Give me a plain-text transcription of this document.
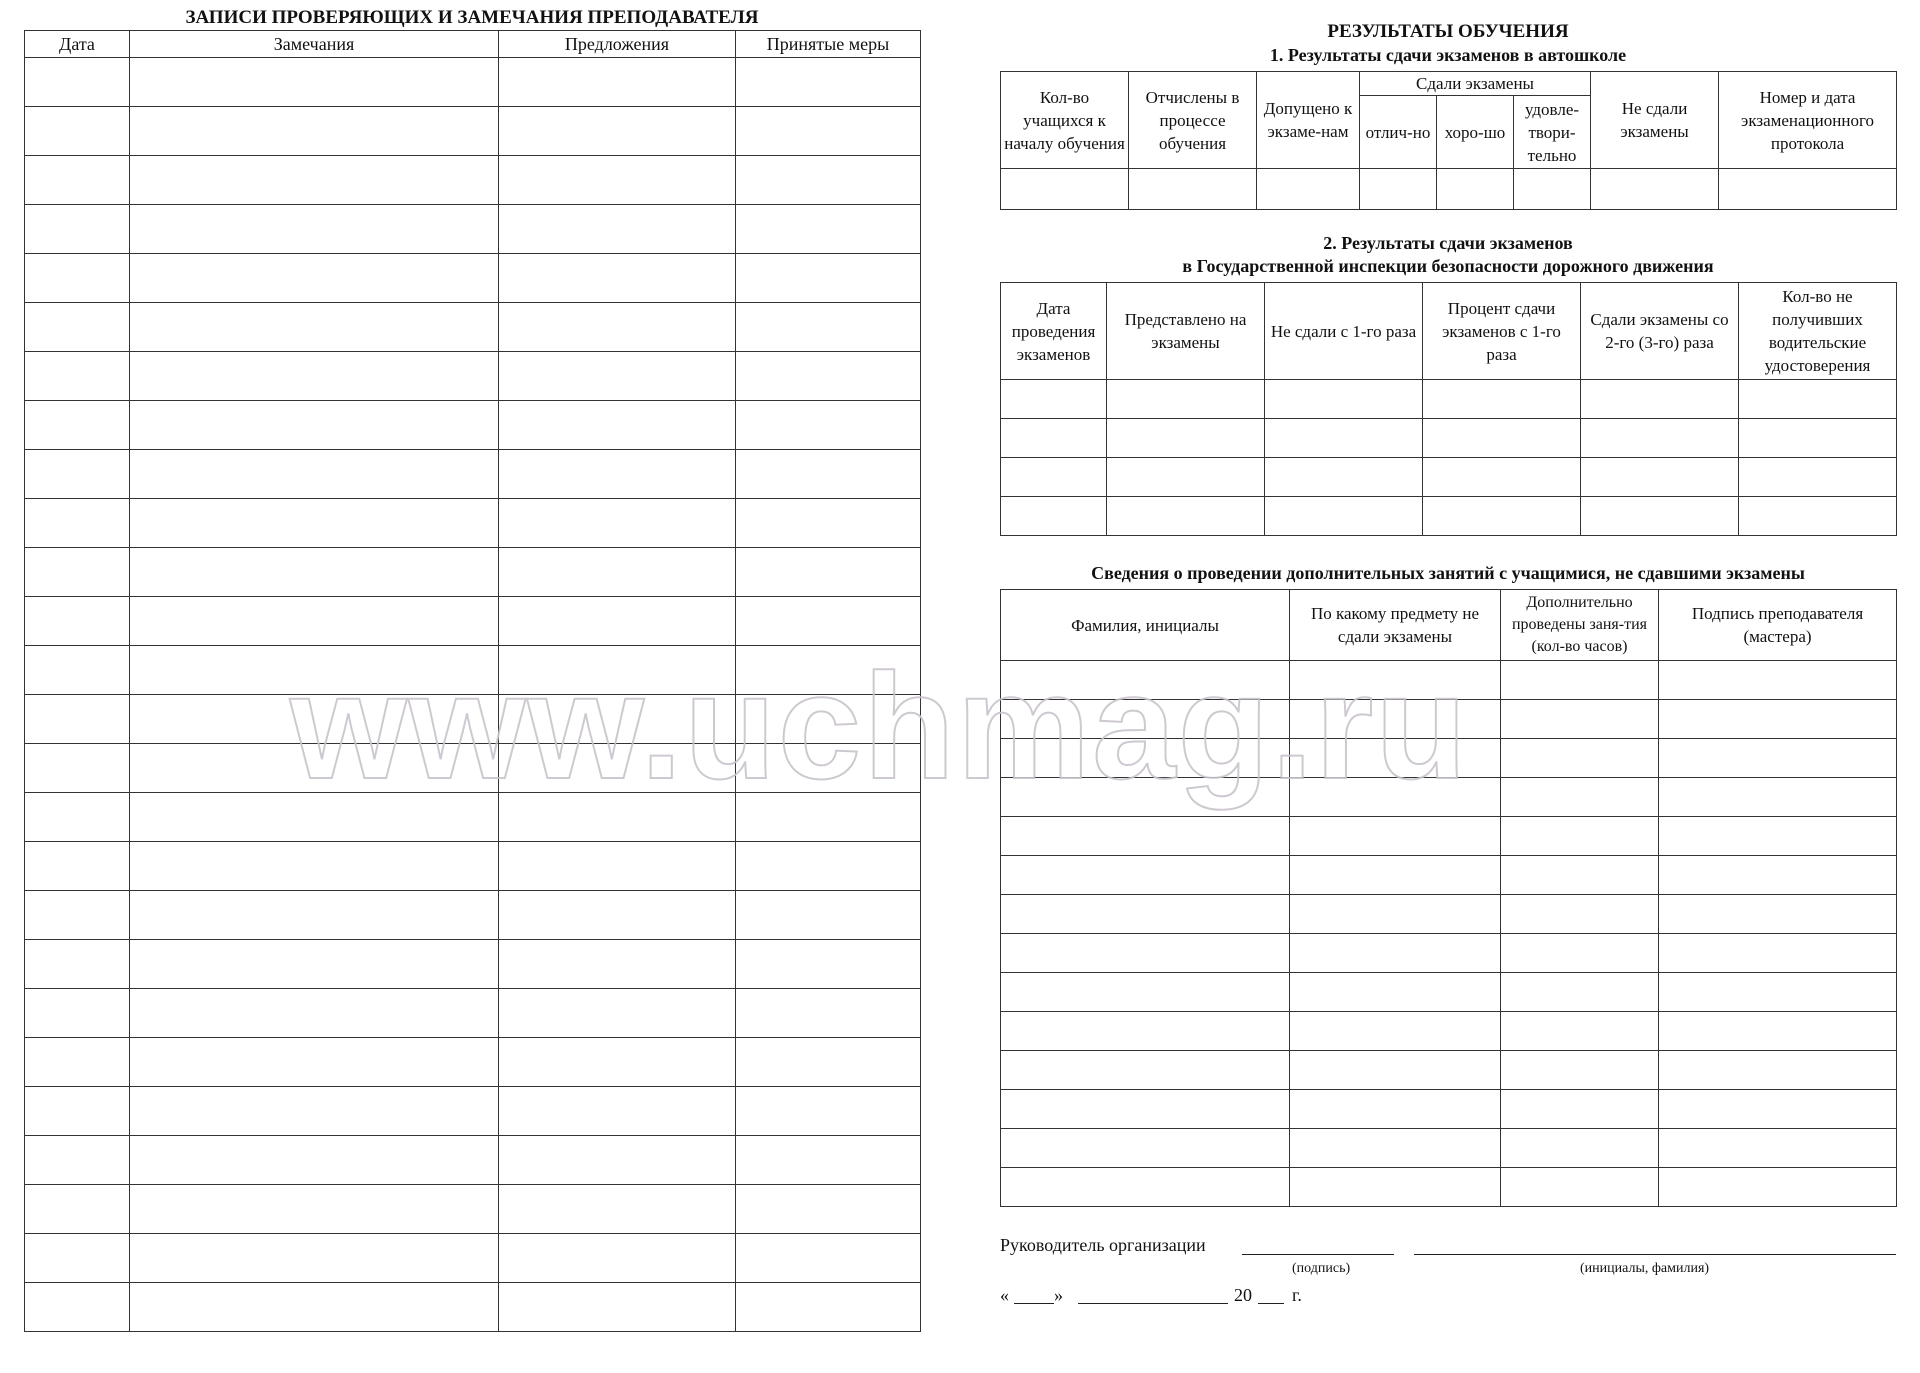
ЗАПИСИ ПРОВЕРЯЮЩИХ И ЗАМЕЧАНИЯ ПРЕПОДАВАТЕЛЯ

Дата	Замечания	Предложения	Принятые меры

РЕЗУЛЬТАТЫ ОБУЧЕНИЯ

1. Результаты сдачи экзаменов в автошколе

Кол-во учащихся к началу обучения	Отчислены в процессе обучения	Допущено к экзаме-нам	Сдали экзамены			Не сдали экзамены	Номер и дата экзаменационного протокола
			отлич-но	хоро-шо	удовле-твори-тельно		

2. Результаты сдачи экзаменов

в Государственной инспекции безопасности дорожного движения

Дата проведения экзаменов	Представлено на экзамены	Не сдали с 1-го раза	Процент сдачи экзаменов с 1-го раза	Сдали экзамены со 2-го (3-го) раза	Кол-во не получивших водительские удостоверения

Сведения о проведении дополнительных занятий с учащимися, не сдавшими экзамены

Фамилия, инициалы	По какому предмету не сдали экзамены	Дополнительно проведены заня-тия (кол-во часов)	Подпись преподавателя (мастера)

Руководитель организации
(подпись)	(инициалы, фамилия)
«	»	20 г.
www.uchmag.ru
